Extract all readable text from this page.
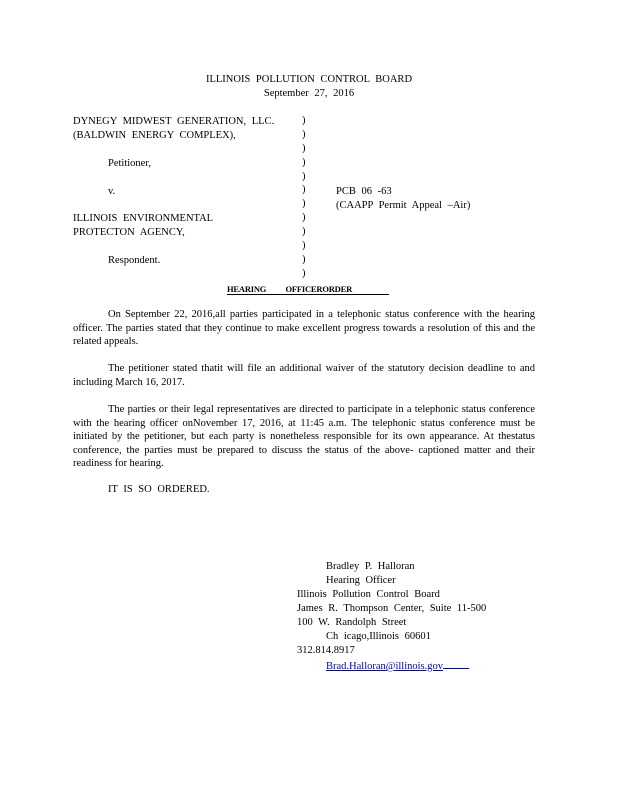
ILLINOIS POLLUTION CONTROL BOARD
September 27, 2016
DYNEGY MIDWEST GENERATION, LLC.
(BALDWIN ENERGY COMPLEX),
Petitioner,
v.
ILLINOIS ENVIRONMENTAL
PROTECTON AGENCY,
Respondent.
)
)
)
)
)
)
)
)
)
)
)
)
PCB 06 -63
(CAAPP Permit Appeal –Air)
HEARING          OFFICERORDER
On September 22, 2016,all parties participated in a telephonic status conference with the hearing officer. The parties stated that they continue to make excellent progress towards a resolution of this and the related appeals.
The petitioner stated thatit will file an additional waiver of the statutory decision deadline to and including March 16, 2017.
The parties or their legal representatives are directed to participate in a telephonic status conference with the hearing officer onNovember 17, 2016, at 11:45 a.m. The telephonic status conference must be initiated by the petitioner, but each party is nonetheless responsible for its own appearance. At thestatus conference, the parties must be prepared to discuss the status of the above- captioned matter and their readiness for hearing.
IT IS SO ORDERED.
Bradley P. Halloran
Hearing Officer
Illinois Pollution Control Board
James R. Thompson Center, Suite 11-500
100 W. Randolph Street
Ch icago,Illinois 60601
312.814.8917
Brad.Halloran@illinois.gov
